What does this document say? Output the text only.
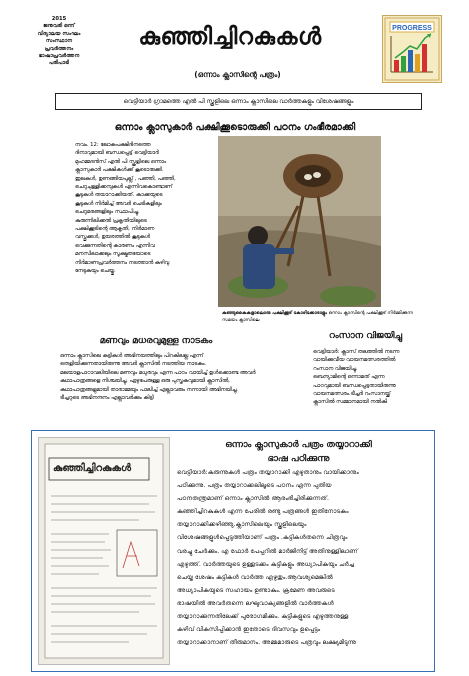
2015
ജനുവരി ഒന്ന്
വിദ്യാലയ സംഘം
സംസ്ഥാന
പ്രവർത്തനം
ഭാഷാപ്രവർത്തന
പരിപാടി
കുഞ്ഞിച്ചിറകുകൾ
(ഒന്നാം ക്ലാസിന്റെ പത്രം)
PROGRESS
വെട്ടിയാർ ഗ്രാമത്തെ എൽ പി സ്കൂളിലെ ഒന്നാം ക്ലാസിലെ വാർത്തകളും വിശേഷങ്ങളും
ഒന്നാം ക്ലാസുകാർ പക്ഷിക്കൂടൊരുക്കി പഠനം ഗംഭീരമാക്കി
നവം. 12: ലോകപക്ഷിദിനത്തെ
ദിനാവുമായി ബന്ധപ്പെട്ട് വെട്ടിയാർ
മുഹമ്മദൻസ് എൽ പി സ്കൂളിലെ ഒന്നാം
ക്ലാസുകാർ പക്ഷികൾക്ക് കൂടൊരുക്കി.
ഇലകൾ, ഉണങ്ങിയപുല്ല് , പഞ്ഞി, പഞ്ഞി,
ചെറുചുള്ളിക്കമ്പുകൾ എന്നിവകൊണ്ടാണ്
കൂടുകൾ തയാറാക്കിയത്. കാക്കയുടെ
കൂടുകൾ നിർമിച്ച് അവർ ചെടികളിലും
ചെറുമരങ്ങളിലും സ്ഥാപിച്ചു.
കുരുന്നിലിക്കൽ പ്രകൃതിയിലുടെ
പക്ഷിക്കൂടിന്റെ ആകൃതി, നിർമാണ
വസ്തുക്കൾ, ഉയരത്തിൽ കൂടുകൾ
വെക്കുന്നതിന്റെ കാരണം എന്നിവ
മനസിലാക്കലും സൂക്ഷ്മതയോടെ
നിർമാണപ്രവർത്തനം നടത്താൻ കഴിവു
നേടുകയും ചെയ്തു.
കുഞ്ഞുകൈകളാലൊരു പക്ഷിക്കൂട് കോഴിക്കോടാളും ഒന്നാം ക്ലാസിന്റെ പക്ഷിക്കൂട് നിർമ്മിക്കുന്ന സമയം ക്ലാസിലെ
മണവും മധരവുമുള്ള നാടകം
ഒന്നാം ക്ലാസിലെ കുട്ടികൾ അഭിനയത്തിലും പിറകിലല്ല എന്ന്
തെളിയിക്കുന്നതായിരുന്നു അവർ ക്ലാസിൽ നടത്തിയ നാടകം.
മലയാളപാഠാവലിയിലെ മണവും മധുരവും എന്ന പാഠം വായിച്ച് ഉൾക്കൊണ്ട അവർ
കഥാപാത്രങ്ങളെ നിശ്ചയിച്ചു. ഏഴുപേരുള്ള ഒരു പുസ്തകവുമായി ക്ലാസിൽ,
കഥാപാത്രങ്ങളുമായി താരാമ്മയും പാലിച്ച് എല്ലാവരും നന്നായി അഭിനയിച്ചു.
ടീച്ചറുടെ അഭിനന്ദനം എല്ലാവർക്കും കിട്ടി
റംസാന വിജയിച്ചു
വെട്ടിയാർ: ക്ലാസ് തലത്തിൽ നടന്ന
വായിക്കുവീയ വായനമത്സരത്തിൽ
റംസാന വിജയിച്ചു.
ബെന്യാമിന്റെ ഒന്നാമത് എന്ന
പാഠവുമായി ബന്ധപ്പെട്ടതായിരുന്നു
വായനമത്സരം.ടീച്ചർ റംസാനയ്ക്ക്
ക്ലാസിൽ സമ്മാനമായി നൽകി
കുഞ്ഞിച്ചിറകുകൾ
ഒന്നാം ക്ലാസുകാർ പത്രം തയ്യാറാക്കി
ഭാഷ പഠിക്കുന്നു
വെട്ടിയാർ:കുരുന്നുകൾ പത്രം തയ്യാറാക്കി എഴുതാനും വായിക്കാനും
പഠിക്കുന്നു. പത്രം തയ്യാറാക്കലിലൂടെ പഠനം എന്ന പുതിയ
പഠനതന്ത്രമാണ് ഒന്നാം ക്ലാസിൽ ആരംഭിച്ചിരിക്കുന്നത്.
കുഞ്ഞിച്ചിറകുകൾ എന്ന പേരിൽ രണ്ടു പത്രങ്ങൾ ഇതിനോടകം
തയ്യാറാക്കിക്കഴിഞ്ഞു.ക്ലാസിലെയും സ്കൂളിലെയും
വിശേഷങ്ങളുൾപ്പെടുത്തിയാണ് പത്രം .കുട്ടികൾതന്നെ ചിത്രവും
വരച്ചു ചേർക്കും. എ ഫോർ പേപ്പറിൽ മാർജിനിട്ട് അതിനുള്ളിലാണ്
എഴുത്ത്. വാർത്തയുടെ ഉള്ളടക്കം കുട്ടികളും അധ്യാപികയും ചർച്ച
ചെയ്ത ശേഷം കുട്ടികൾ വാർത്ത എഴുതും.ആവശ്യമെങ്കിൽ
അധ്യാപികയുടെ സഹായം ഉണ്ടാകും. ക്രമേണ അവരുടെ
ഭാഷയിൽ അവർതന്നെ ലഘുവാക്യങ്ങളിൽ വാർത്തകൾ
തയ്യാറാക്കുന്നതിലേക്ക് പുരോഗമിക്കും. കുട്ടികളുടെ എഴുത്തനുള്ള
കഴിവ് വികസിപ്പിക്കാൻ ഇതോടെ ദിവസവും ഉപ്പെട്ടം
തയ്യാറാക്കാനാണ് തീരുമാനം. അമ്മമാരുടെ പത്രവും ലക്ഷ്യമിടുന്നു
